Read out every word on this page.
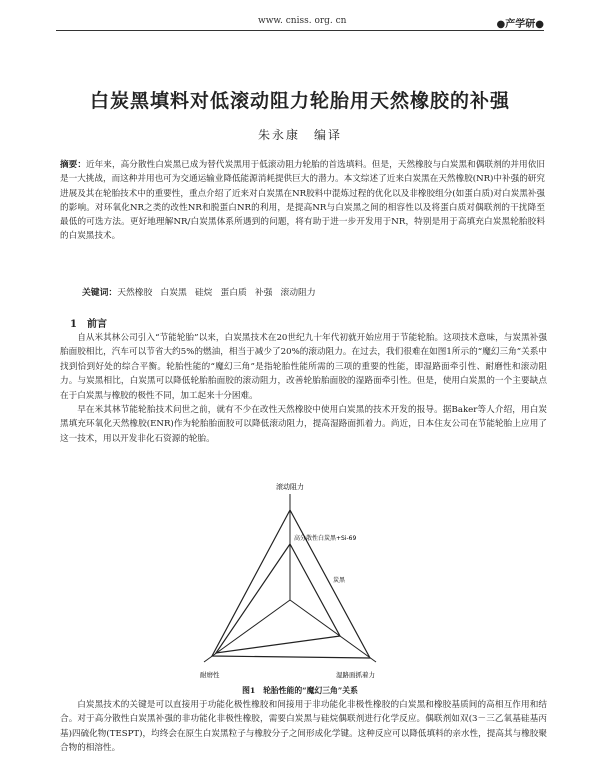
www. cniss. org. cn	●产学研●
白炭黑填料对低滚动阻力轮胎用天然橡胶的补强
朱永康　编译

摘要：近年来，高分散性白炭黑已成为替代炭黑用于低滚动阻力轮胎的首选填料。但是，天然橡胶与白炭黑和偶联剂的并用依旧是一大挑战，而这种并用也可为交通运输业降低能源消耗提供巨大的潜力。本文综述了近来白炭黑在天然橡胶(NR)中补强的研究进展及其在轮胎技术中的重要性，重点介绍了近来对白炭黑在NR胶料中混炼过程的优化以及非橡胶组分(如蛋白质)对白炭黑补强的影响。对环氧化NR之类的改性NR和脱蛋白NR的利用，是提高NR与白炭黑之间的相容性以及将蛋白质对偶联剂的干扰降至最低的可选方法。更好地理解NR/白炭黑体系所遇到的问题，将有助于进一步开发用于NR，特别是用于高填充白炭黑轮胎胶料的白炭黑技术。

关键词：天然橡胶 白炭黑 硅烷 蛋白质 补强 滚动阻力
1　前言

自从米其林公司引入“节能轮胎”以来，白炭黑技术在20世纪九十年代初就开始应用于节能轮胎。这项技术意味，与炭黑补强胎面胶相比，汽车可以节省大约5%的燃油，相当于减少了20%的滚动阻力。在过去，我们很难在如图1所示的“魔幻三角”关系中找到恰到好处的综合平衡。轮胎性能的“魔幻三角”是指轮胎性能所需的三项的重要的性能，即湿路面牵引性、耐磨性和滚动阻力。与炭黑相比，白炭黑可以降低轮胎胎面胶的滚动阻力，改善轮胎胎面胶的湿路面牵引性。但是，使用白炭黑的一个主要缺点在于白炭黑与橡胶的极性不同，加工起来十分困难。

早在米其林节能轮胎技术问世之前，就有不少在改性天然橡胶中使用白炭黑的技术开发的报导。据Baker等人介绍，用白炭黑填充环氧化天然橡胶(ENR)作为轮胎胎面胶可以降低滚动阻力，提高湿路面抓着力。尚近，日本住友公司在节能轮胎上应用了这一技术，用以开发非化石资源的轮胎。

滚动阻力
高分散性白炭黑+Si-69
炭黑
耐磨性	湿路面抓着力
图1　轮胎性能的“魔幻三角”关系

白炭黑技术的关键是可以直接用于功能化极性橡胶和间接用于非功能化非极性橡胶的白炭黑和橡胶基质间的高相互作用和结合。对于高分散性白炭黑补强的非功能化非极性橡胶，需要白炭黑与硅烷偶联剂进行化学反应。偶联剂如双(3－三乙氧基硅基丙基)四硫化物(TESPT)，均终会在原生白炭黑粒子与橡胶分子之间形成化学键。这种反应可以降低填料的亲水性，提高其与橡胶聚合物的相溶性。
